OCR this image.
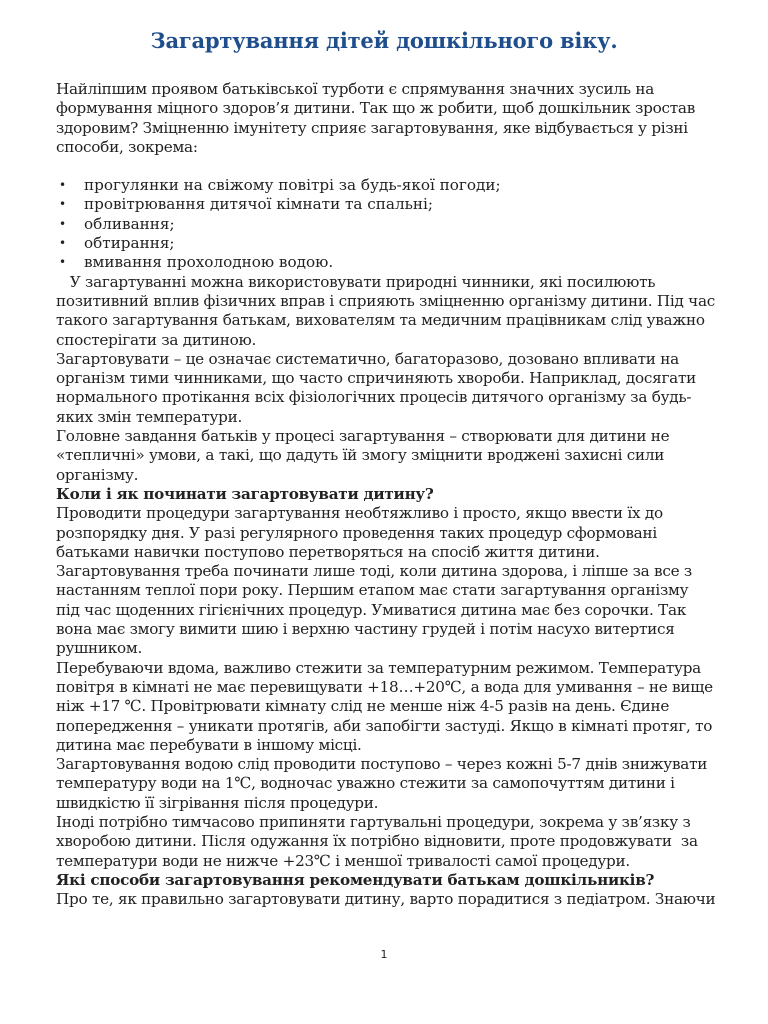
Загартування дітей дошкільного віку.

Найліпшим проявом батьківської турботи є спрямування значних зусиль на формування міцного здоров’я дитини. Так що ж робити, щоб дошкільник зростав здоровим? Зміцненню імунітету сприяє загартовування, яке відбувається у різні способи, зокрема:

• прогулянки на свіжому повітрі за будь-якої погоди;
• провітрювання дитячої кімнати та спальні;
• обливання;
• обтирання;
• вмивання прохолодною водою.

У загартуванні можна використовувати природні чинники, які посилюють позитивний вплив фізичних вправ і сприяють зміцненню організму дитини. Під час такого загартування батькам, вихователям та медичним працівникам слід уважно спостерігати за дитиною.

Загартовувати – це означає систематично, багаторазово, дозовано впливати на організм тими чинниками, що часто спричиняють хвороби. Наприклад, досягати нормального протікання всіх фізіологічних процесів дитячого організму за будь-яких змін температури.

Головне завдання батьків у процесі загартування – створювати для дитини не «тепличні» умови, а такі, що дадуть їй змогу зміцнити вроджені захисні сили організму.

Коли і як починати загартовувати дитину?

Проводити процедури загартування необтяжливо і просто, якщо ввести їх до розпорядку дня. У разі регулярного проведення таких процедур сформовані батьками навички поступово перетворяться на спосіб життя дитини.

Загартовування треба починати лише тоді, коли дитина здорова, і ліпше за все з настанням теплої пори року. Першим етапом має стати загартування організму під час щоденних гігієнічних процедур. Умиватися дитина має без сорочки. Так вона має змогу вимити шию і верхню частину грудей і потім насухо витертися рушником.

Перебуваючи вдома, важливо стежити за температурним режимом. Температура повітря в кімнаті не має перевищувати +18…+20℃, а вода для умивання – не вище ніж +17 ℃. Провітрювати кімнату слід не менше ніж 4-5 разів на день. Єдине попередження – уникати протягів, аби запобігти застуді. Якщо в кімнаті протяг, то дитина має перебувати в іншому місці.

Загартовування водою слід проводити поступово – через кожні 5-7 днів знижувати температуру води на 1℃, водночас уважно стежити за самопочуттям дитини і швидкістю її зігрівання після процедури.

Іноді потрібно тимчасово припиняти гартувальні процедури, зокрема у зв’язку з хворобою дитини. Після одужання їх потрібно відновити, проте продовжувати  за температури води не нижче +23℃ і меншої тривалості самої процедури.

Які способи загартовування рекомендувати батькам дошкільників?

Про те, як правильно загартовувати дитину, варто порадитися з педіатром. Знаючи

1
